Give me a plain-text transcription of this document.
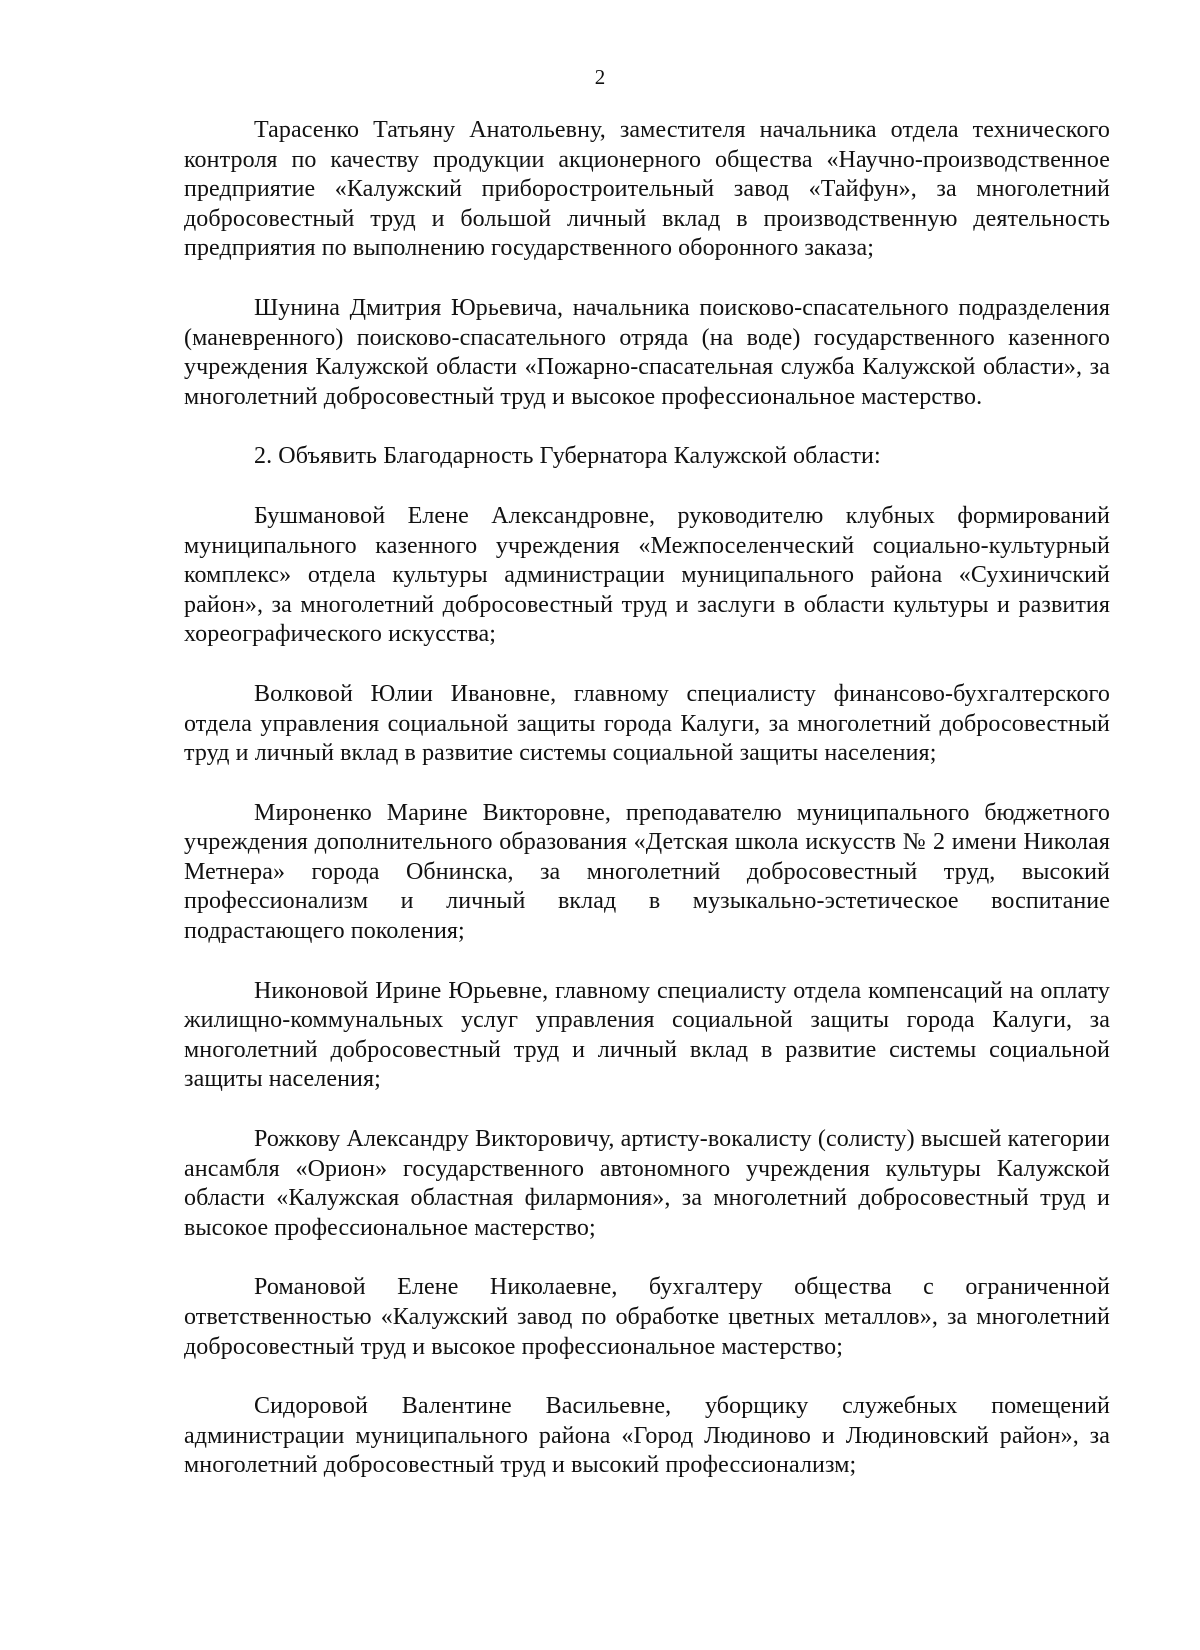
2

Тарасенко Татьяну Анатольевну, заместителя начальника отдела технического контроля по качеству продукции акционерного общества «Научно-производственное предприятие «Калужский приборостроительный завод «Тайфун», за многолетний добросовестный труд и большой личный вклад в производственную деятельность предприятия по выполнению государственного оборонного заказа;

Шунина Дмитрия Юрьевича, начальника поисково-спасательного подразделения (маневренного) поисково-спасательного отряда (на воде) государственного казенного учреждения Калужской области «Пожарно-спасательная служба Калужской области», за многолетний добросовестный труд и высокое профессиональное мастерство.

2. Объявить Благодарность Губернатора Калужской области:

Бушмановой Елене Александровне, руководителю клубных формирований муниципального казенного учреждения «Межпоселенческий социально-культурный комплекс» отдела культуры администрации муниципального района «Сухиничский район», за многолетний добросовестный труд и заслуги в области культуры и развития хореографического искусства;

Волковой Юлии Ивановне, главному специалисту финансово-бухгалтерского отдела управления социальной защиты города Калуги, за многолетний добросовестный труд и личный вклад в развитие системы социальной защиты населения;

Мироненко Марине Викторовне, преподавателю муниципального бюджетного учреждения дополнительного образования «Детская школа искусств № 2 имени Николая Метнера» города Обнинска, за многолетний добросовестный труд, высокий профессионализм и личный вклад в музыкально-эстетическое воспитание подрастающего поколения;

Никоновой Ирине Юрьевне, главному специалисту отдела компенсаций на оплату жилищно-коммунальных услуг управления социальной защиты города Калуги, за многолетний добросовестный труд и личный вклад в развитие системы социальной защиты населения;

Рожкову Александру Викторовичу, артисту-вокалисту (солисту) высшей категории ансамбля «Орион» государственного автономного учреждения культуры Калужской области «Калужская областная филармония», за многолетний добросовестный труд и высокое профессиональное мастерство;

Романовой Елене Николаевне, бухгалтеру общества с ограниченной ответственностью «Калужский завод по обработке цветных металлов», за многолетний добросовестный труд и высокое профессиональное мастерство;

Сидоровой Валентине Васильевне, уборщику служебных помещений администрации муниципального района «Город Людиново и Людиновский район», за многолетний добросовестный труд и высокий профессионализм;
